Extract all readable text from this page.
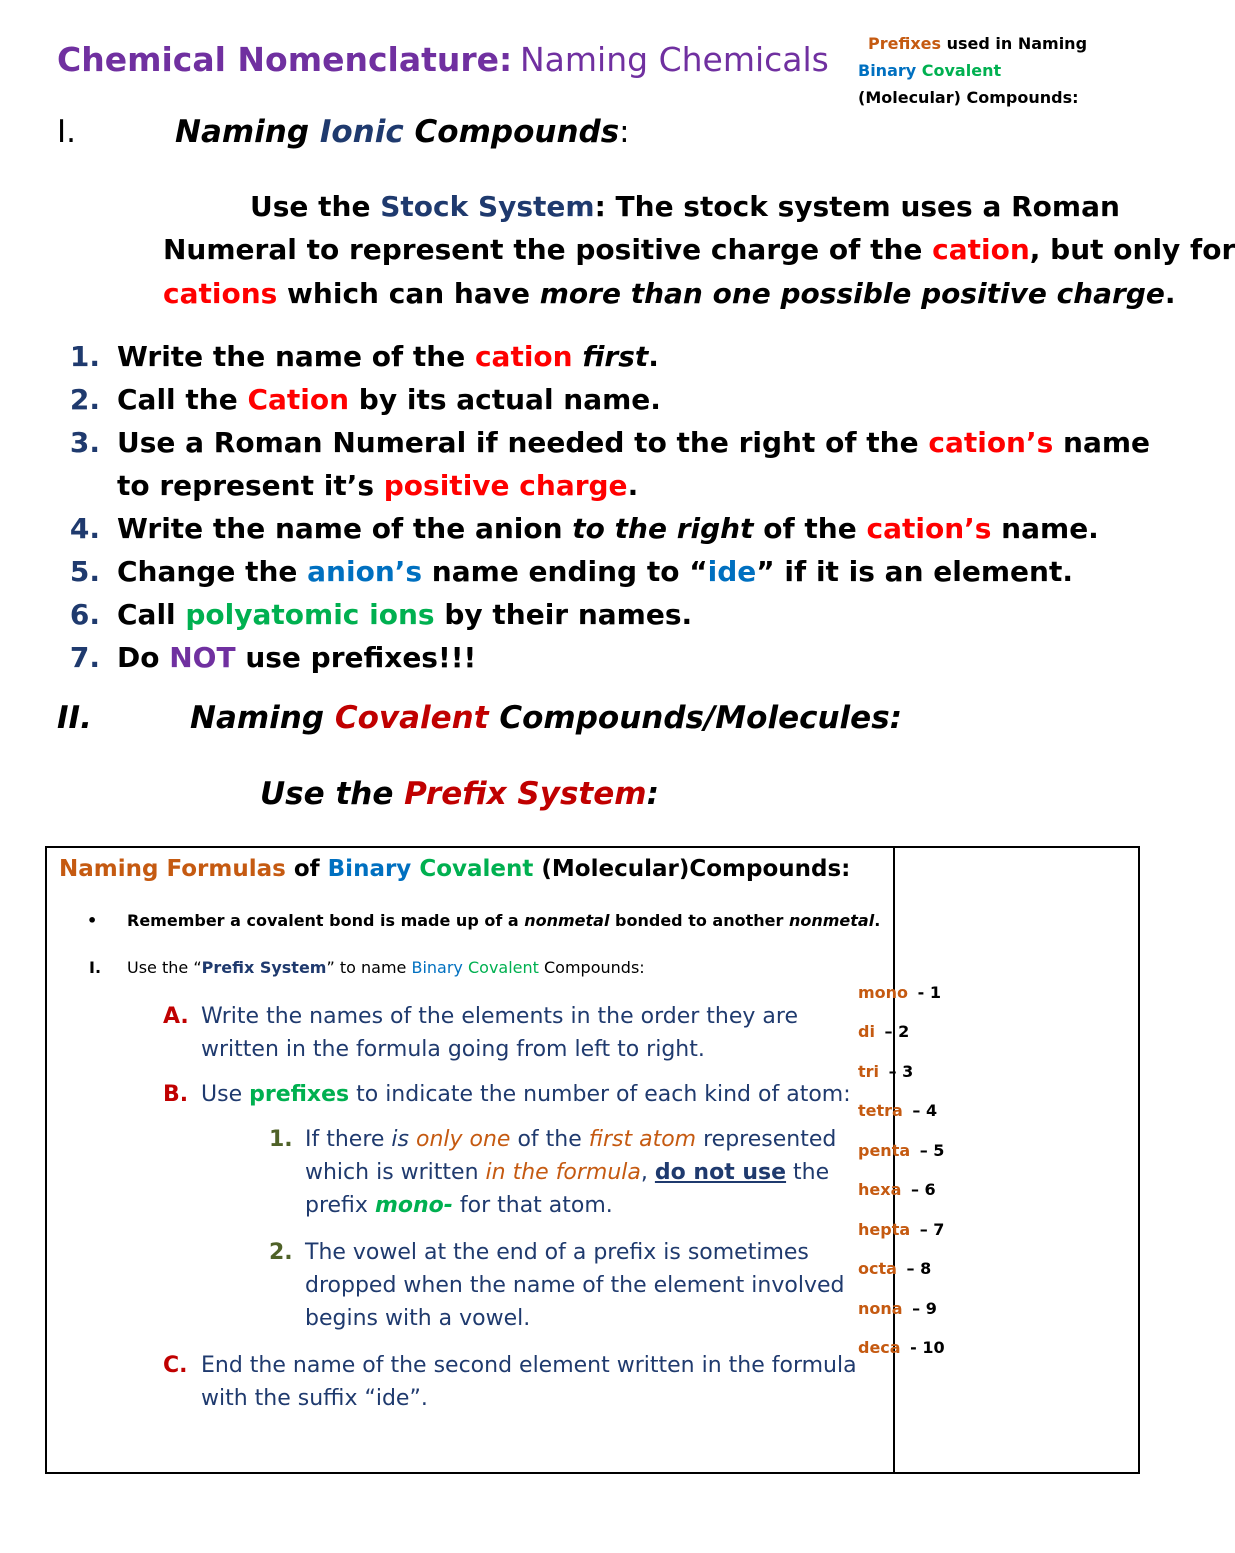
Chemical Nomenclature: Naming Chemicals
I.	Naming Ionic Compounds:
Use the Stock System: The stock system uses a Roman
Numeral to represent the positive charge of the cation, but only for
cations which can have more than one possible positive charge.
1. Write the name of the cation first.
2. Call the Cation by its actual name.
3. Use a Roman Numeral if needed to the right of the cation’s name
to represent it’s positive charge.
4. Write the name of the anion to the right of the cation’s name.
5. Change the anion’s name ending to “ide” if it is an element.
6. Call polyatomic ions by their names.
7. Do NOT use prefixes!!!
II.	Naming Covalent Compounds/Molecules:
Use the Prefix System:
Naming Formulas of Binary Covalent (Molecular)Compounds:
• Remember a covalent bond is made up of a nonmetal bonded to another nonmetal.
I. Use the “Prefix System” to name Binary Covalent Compounds:
A. Write the names of the elements in the order they are
written in the formula going from left to right.
B. Use prefixes to indicate the number of each kind of atom:
1. If there is only one of the first atom represented
which is written in the formula, do not use the
prefix mono- for that atom.
2. The vowel at the end of a prefix is sometimes
dropped when the name of the element involved
begins with a vowel.
C. End the name of the second element written in the formula
with the suffix “ide”.
Prefixes used in Naming
Binary Covalent
(Molecular) Compounds:
mono - 1
di – 2
tri – 3
tetra – 4
penta – 5
hexa – 6
hepta – 7
octa – 8
nona – 9
deca - 10
